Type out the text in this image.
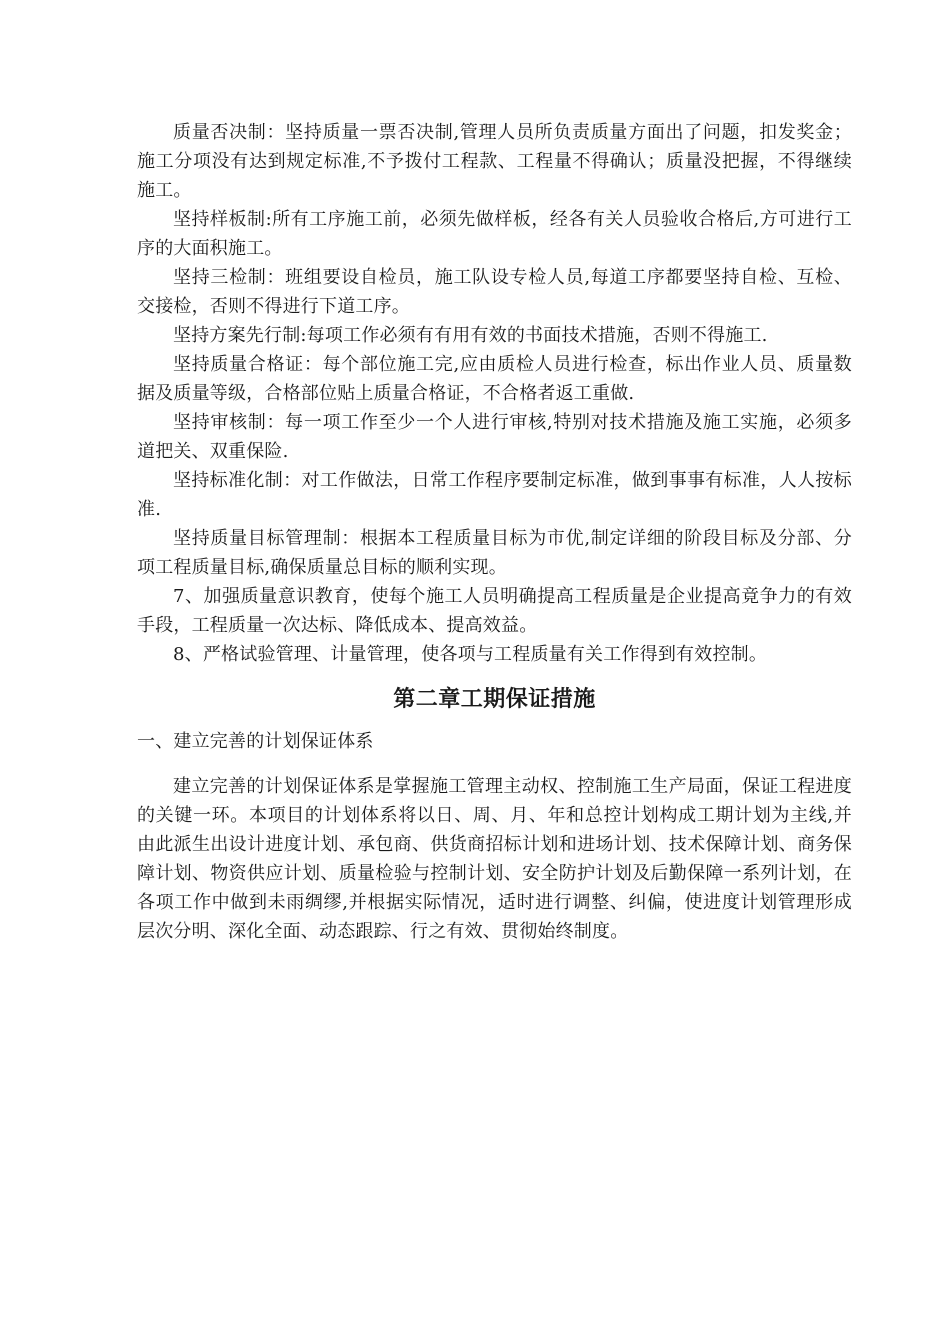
质量否决制：坚持质量一票否决制,管理人员所负责质量方面出了问题，扣发奖金；施工分项没有达到规定标准,不予拨付工程款、工程量不得确认；质量没把握，不得继续施工。

坚持样板制:所有工序施工前，必须先做样板，经各有关人员验收合格后,方可进行工序的大面积施工。

坚持三检制：班组要设自检员，施工队设专检人员,每道工序都要坚持自检、互检、交接检，否则不得进行下道工序。

坚持方案先行制:每项工作必须有有用有效的书面技术措施，否则不得施工.

坚持质量合格证：每个部位施工完,应由质检人员进行检查，标出作业人员、质量数据及质量等级，合格部位贴上质量合格证，不合格者返工重做.

坚持审核制：每一项工作至少一个人进行审核,特别对技术措施及施工实施，必须多道把关、双重保险.

坚持标准化制：对工作做法，日常工作程序要制定标准，做到事事有标准，人人按标准.

坚持质量目标管理制：根据本工程质量目标为市优,制定详细的阶段目标及分部、分项工程质量目标,确保质量总目标的顺利实现。

7、加强质量意识教育，使每个施工人员明确提高工程质量是企业提高竟争力的有效手段，工程质量一次达标、降低成本、提高效益。

8、严格试验管理、计量管理，使各项与工程质量有关工作得到有效控制。

第二章工期保证措施
一、建立完善的计划保证体系

建立完善的计划保证体系是掌握施工管理主动权、控制施工生产局面，保证工程进度的关键一环。本项目的计划体系将以日、周、月、年和总控计划构成工期计划为主线,并由此派生出设计进度计划、承包商、供货商招标计划和进场计划、技术保障计划、商务保障计划、物资供应计划、质量检验与控制计划、安全防护计划及后勤保障一系列计划，在各项工作中做到未雨绸缪,并根据实际情况，适时进行调整、纠偏，使进度计划管理形成层次分明、深化全面、动态跟踪、行之有效、贯彻始终制度。
